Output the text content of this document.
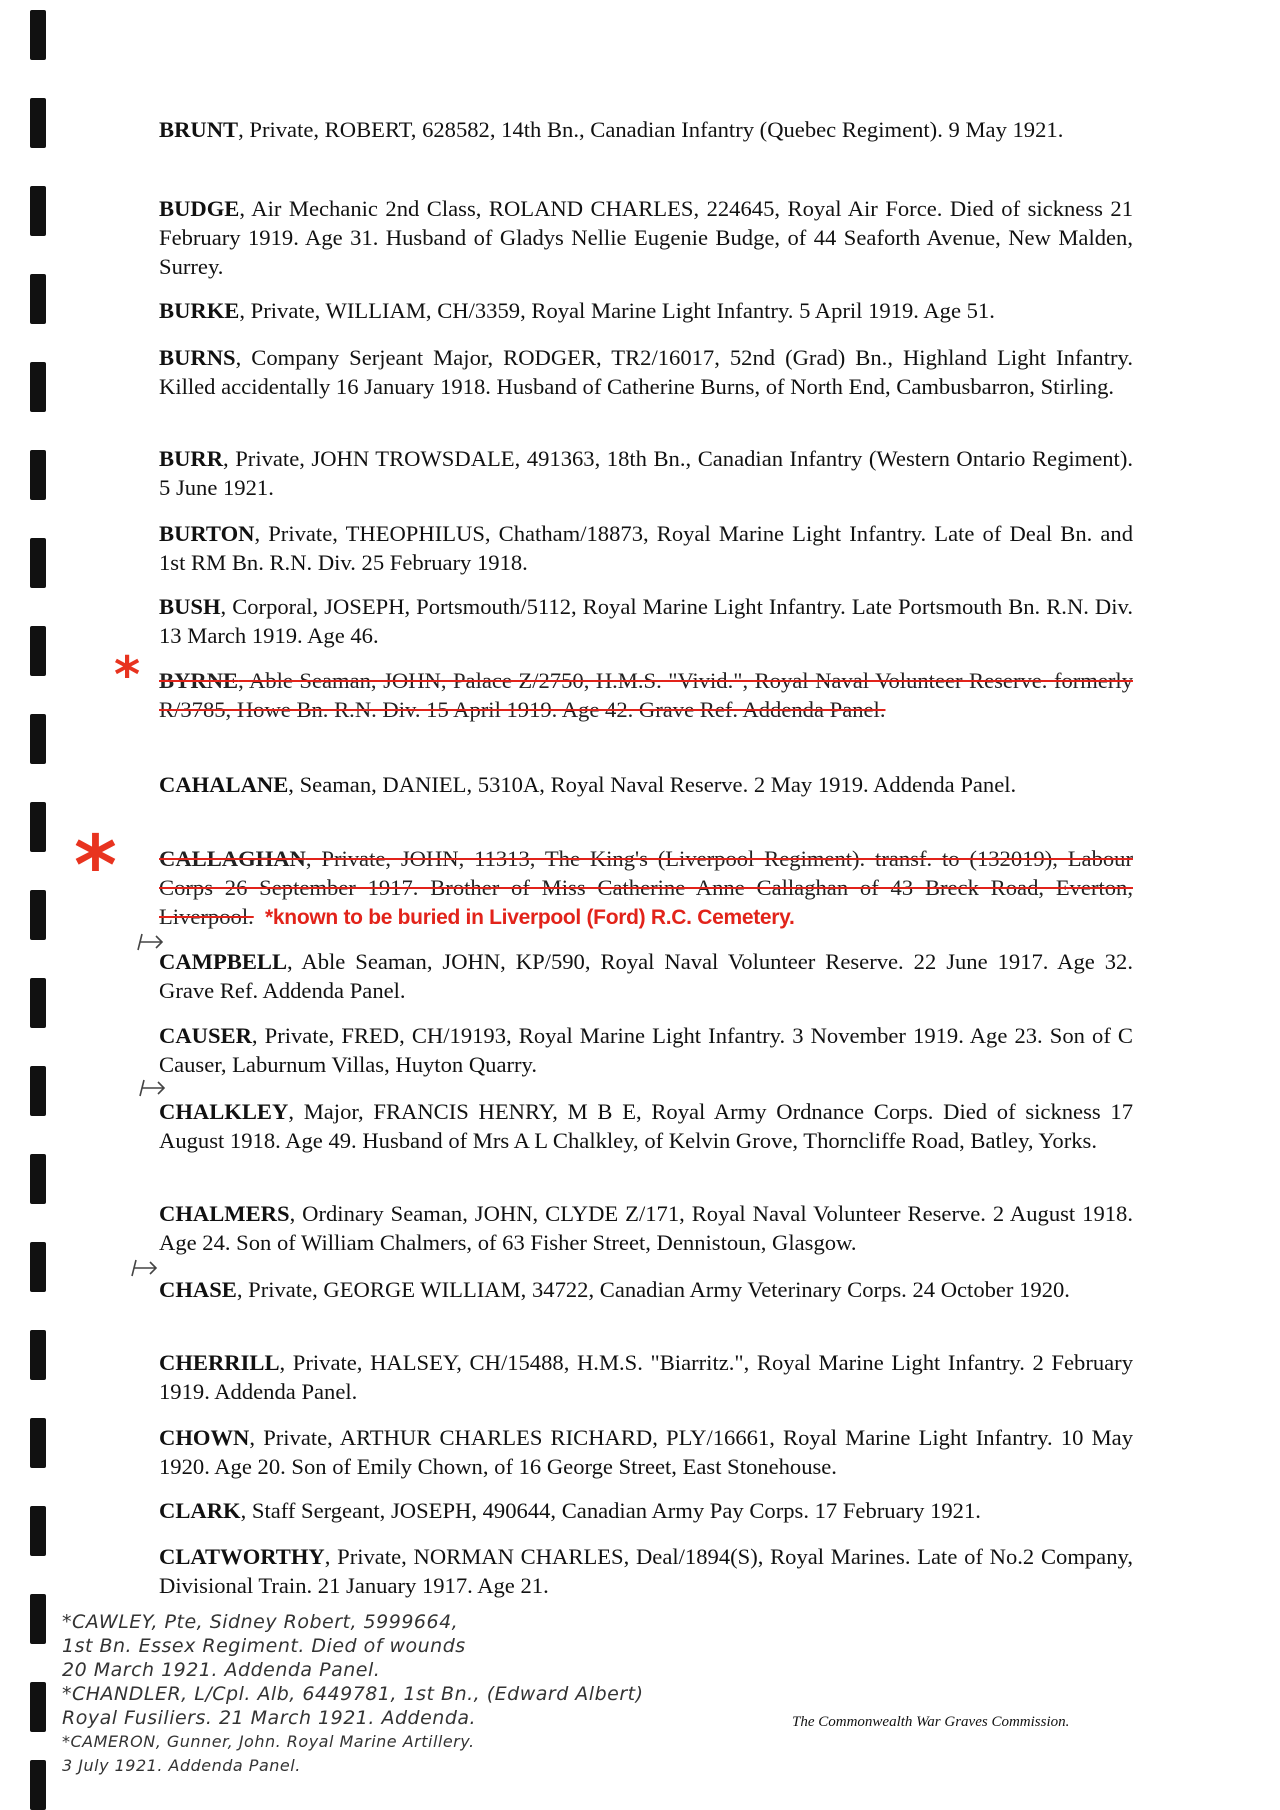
BRUNT, Private, ROBERT, 628582, 14th Bn., Canadian Infantry (Quebec Regiment). 9 May 1921.
BUDGE, Air Mechanic 2nd Class, ROLAND CHARLES, 224645, Royal Air Force. Died of sickness 21 February 1919. Age 31. Husband of Gladys Nellie Eugenie Budge, of 44 Seaforth Avenue, New Malden, Surrey.
BURKE, Private, WILLIAM, CH/3359, Royal Marine Light Infantry. 5 April 1919. Age 51.
BURNS, Company Serjeant Major, RODGER, TR2/16017, 52nd (Grad) Bn., Highland Light Infantry. Killed accidentally 16 January 1918. Husband of Catherine Burns, of North End, Cambusbarron, Stirling.
BURR, Private, JOHN TROWSDALE, 491363, 18th Bn., Canadian Infantry (Western Ontario Regiment). 5 June 1921.
BURTON, Private, THEOPHILUS, Chatham/18873, Royal Marine Light Infantry. Late of Deal Bn. and 1st RM Bn. R.N. Div. 25 February 1918.
BUSH, Corporal, JOSEPH, Portsmouth/5112, Royal Marine Light Infantry. Late Portsmouth Bn. R.N. Div. 13 March 1919. Age 46.
* BYRNE, Able Seaman, JOHN, Palace Z/2750, H.M.S. "Vivid.", Royal Naval Volunteer Reserve. formerly R/3785, Howe Bn. R.N. Div. 15 April 1919. Age 42. Grave Ref. Addenda Panel.
CAHALANE, Seaman, DANIEL, 5310A, Royal Naval Reserve. 2 May 1919. Addenda Panel.
* CALLAGHAN, Private, JOHN, 11313, The King's (Liverpool Regiment). transf. to (132019), Labour Corps 26 September 1917. Brother of Miss Catherine Anne Callaghan of 43 Breck Road, Everton, Liverpool. *known to be buried in Liverpool (Ford) R.C. Cemetery.
CAMPBELL, Able Seaman, JOHN, KP/590, Royal Naval Volunteer Reserve. 22 June 1917. Age 32. Grave Ref. Addenda Panel.
CAUSER, Private, FRED, CH/19193, Royal Marine Light Infantry. 3 November 1919. Age 23. Son of C Causer, Laburnum Villas, Huyton Quarry.
CHALKLEY, Major, FRANCIS HENRY, M B E, Royal Army Ordnance Corps. Died of sickness 17 August 1918. Age 49. Husband of Mrs A L Chalkley, of Kelvin Grove, Thorncliffe Road, Batley, Yorks.
CHALMERS, Ordinary Seaman, JOHN, CLYDE Z/171, Royal Naval Volunteer Reserve. 2 August 1918. Age 24. Son of William Chalmers, of 63 Fisher Street, Dennistoun, Glasgow.
CHASE, Private, GEORGE WILLIAM, 34722, Canadian Army Veterinary Corps. 24 October 1920.
CHERRILL, Private, HALSEY, CH/15488, H.M.S. "Biarritz.", Royal Marine Light Infantry. 2 February 1919. Addenda Panel.
CHOWN, Private, ARTHUR CHARLES RICHARD, PLY/16661, Royal Marine Light Infantry. 10 May 1920. Age 20. Son of Emily Chown, of 16 George Street, East Stonehouse.
CLARK, Staff Sergeant, JOSEPH, 490644, Canadian Army Pay Corps. 17 February 1921.
CLATWORTHY, Private, NORMAN CHARLES, Deal/1894(S), Royal Marines. Late of No.2 Company, Divisional Train. 21 January 1917. Age 21.
*CAWLEY, Pte, Sidney Robert, 5999664,
1st Bn. Essex Regiment. Died of wounds
20 March 1921. Addenda Panel.
*CHANDLER, L/Cpl. Alb, 6449781, 1st Bn., (Edward Albert)
Royal Fusiliers. 21 March 1921. Addenda.
*CAMERON, Gunner, John. Royal Marine Artillery.
3 July 1921. Addenda Panel.
The Commonwealth War Graves Commission.
